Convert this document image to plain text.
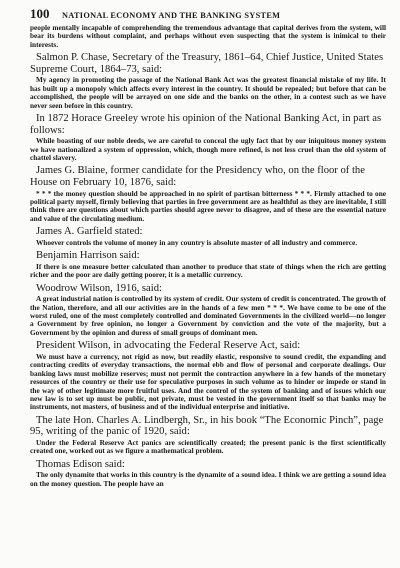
100	NATIONAL ECONOMY AND THE BANKING SYSTEM

people mentally incapable of comprehending the tremendous advantage that capital derives from the system, will bear its burdens without complaint, and perhaps without even suspecting that the system is inimical to their interests.

Salmon P. Chase, Secretary of the Treasury, 1861–64, Chief Justice, United States Supreme Court, 1864–73, said:

My agency in promoting the passage of the National Bank Act was the greatest financial mistake of my life. It has built up a monopoly which affects every interest in the country. It should be repealed; but before that can be accomplished, the people will be arrayed on one side and the banks on the other, in a contest such as we have never seen before in this country.

In 1872 Horace Greeley wrote his opinion of the National Banking Act, in part as follows:

While boasting of our noble deeds, we are careful to conceal the ugly fact that by our iniquitous money system we have nationalized a system of oppression, which, though more refined, is not less cruel than the old system of chattel slavery.

James G. Blaine, former candidate for the Presidency who, on the floor of the House on February 10, 1876, said:

* * * the money question should be approached in no spirit of partisan bitterness * * *. Firmly attached to one political party myself, firmly believing that parties in free government are as healthful as they are inevitable, I still think there are questions about which parties should agree never to disagree, and of these are the essential nature and value of the circulating medium.

James A. Garfield stated:

Whoever controls the volume of money in any country is absolute master of all industry and commerce.

Benjamin Harrison said:

If there is one measure better calculated than another to produce that state of things when the rich are getting richer and the poor are daily getting poorer, it is a metallic currency.

Woodrow Wilson, 1916, said:

A great industrial nation is controlled by its system of credit. Our system of credit is concentrated. The growth of the Nation, therefore, and all our activities are in the hands of a few men * * *. We have come to be one of the worst ruled, one of the most completely controlled and dominated Governments in the civilized world—no longer a Government by free opinion, no longer a Government by conviction and the vote of the majority, but a Government by the opinion and duress of small groups of dominant men.

President Wilson, in advocating the Federal Reserve Act, said:

We must have a currency, not rigid as now, but readily elastic, responsive to sound credit, the expanding and contracting credits of everyday transactions, the normal ebb and flow of personal and corporate dealings. Our banking laws must mobilize reserves; must not permit the contraction anywhere in a few hands of the monetary resources of the country or their use for speculative purposes in such volume as to hinder or impede or stand in the way of other legitimate more fruitful uses. And the control of the system of banking and of issues which our new law is to set up must be public, not private, must be vested in the government itself so that banks may be instruments, not masters, of business and of the individual enterprise and initiative.

The late Hon. Charles A. Lindbergh, Sr., in his book “The Economic Pinch”, page 95, writing of the panic of 1920, said:

Under the Federal Reserve Act panics are scientifically created; the present panic is the first scientifically created one, worked out as we figure a mathematical problem.

Thomas Edison said:

The only dynamite that works in this country is the dynamite of a sound idea. I think we are getting a sound idea on the money question. The people have an
